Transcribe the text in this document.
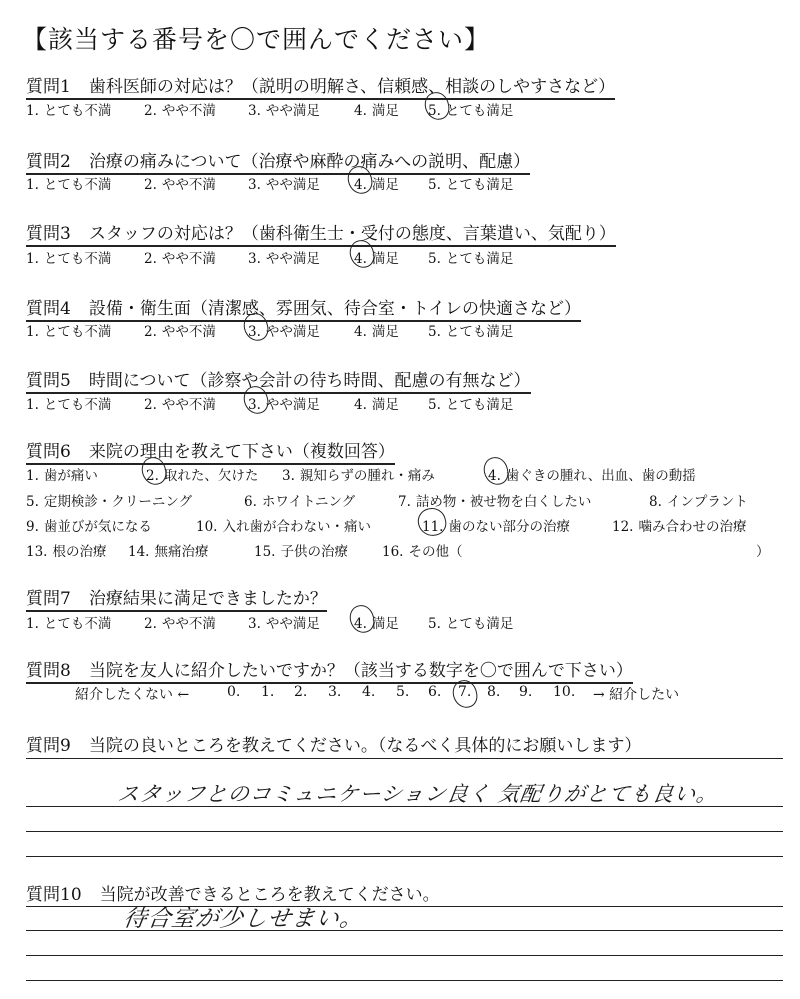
【該当する番号を〇で囲んでください】
質問1 歯科医師の対応は？（説明の明解さ、信頼感、相談のしやすさなど）
1. とても不満 2. やや不満 3. やや満足	4. 満足 5. とても満足
質問2 治療の痛みについて（治療や麻酔の痛みへの説明、配慮）
1. とても不満 2. やや不満 3. やや満足	4. 満足 5. とても満足
質問3 スタッフの対応は？（歯科衛生士・受付の態度、言葉遣い、気配り）
1. とても不満 2. やや不満 3. やや満足	4. 満足 5. とても満足
質問4 設備・衛生面（清潔感、雰囲気、待合室・トイレの快適さなど）
1. とても不満 2. やや不満 3. やや満足	4. 満足 5. とても満足
質問5 時間について（診察や会計の待ち時間、配慮の有無など）
1. とても不満 2. やや不満 3. やや満足	4. 満足 5. とても満足
質問6 来院の理由を教えて下さい（複数回答）
1. 歯が痛い	2. 取れた、欠けた 3. 親知らずの腫れ・痛み	4. 歯ぐきの腫れ、出血、歯の動揺
5. 定期検診・クリーニング	6. ホワイトニング	7. 詰め物・被せ物を白くしたい	8. インプラント
9. 歯並びが気になる	10. 入れ歯が合わない・痛い	11. 歯のない部分の治療	12. 噛み合わせの治療
13. 根の治療 14. 無痛治療	15. 子供の治療	16. その他（	）
質問7 治療結果に満足できましたか？
1. とても不満 2. やや不満 3. やや満足	4. 満足 5. とても満足
質問8 当院を友人に紹介したいですか？（該当する数字を〇で囲んで下さい）
紹介したくない ←	0. 1. 2. 3. 4. 5. 6. 7. 8. 9. 10. → 紹介したい
質問9 当院の良いところを教えてください。（なるべく具体的にお願いします）
スタッフとのコミュニケーション良く 気配りがとても良い。
質問10 当院が改善できるところを教えてください。
待合室が少しせまい。
